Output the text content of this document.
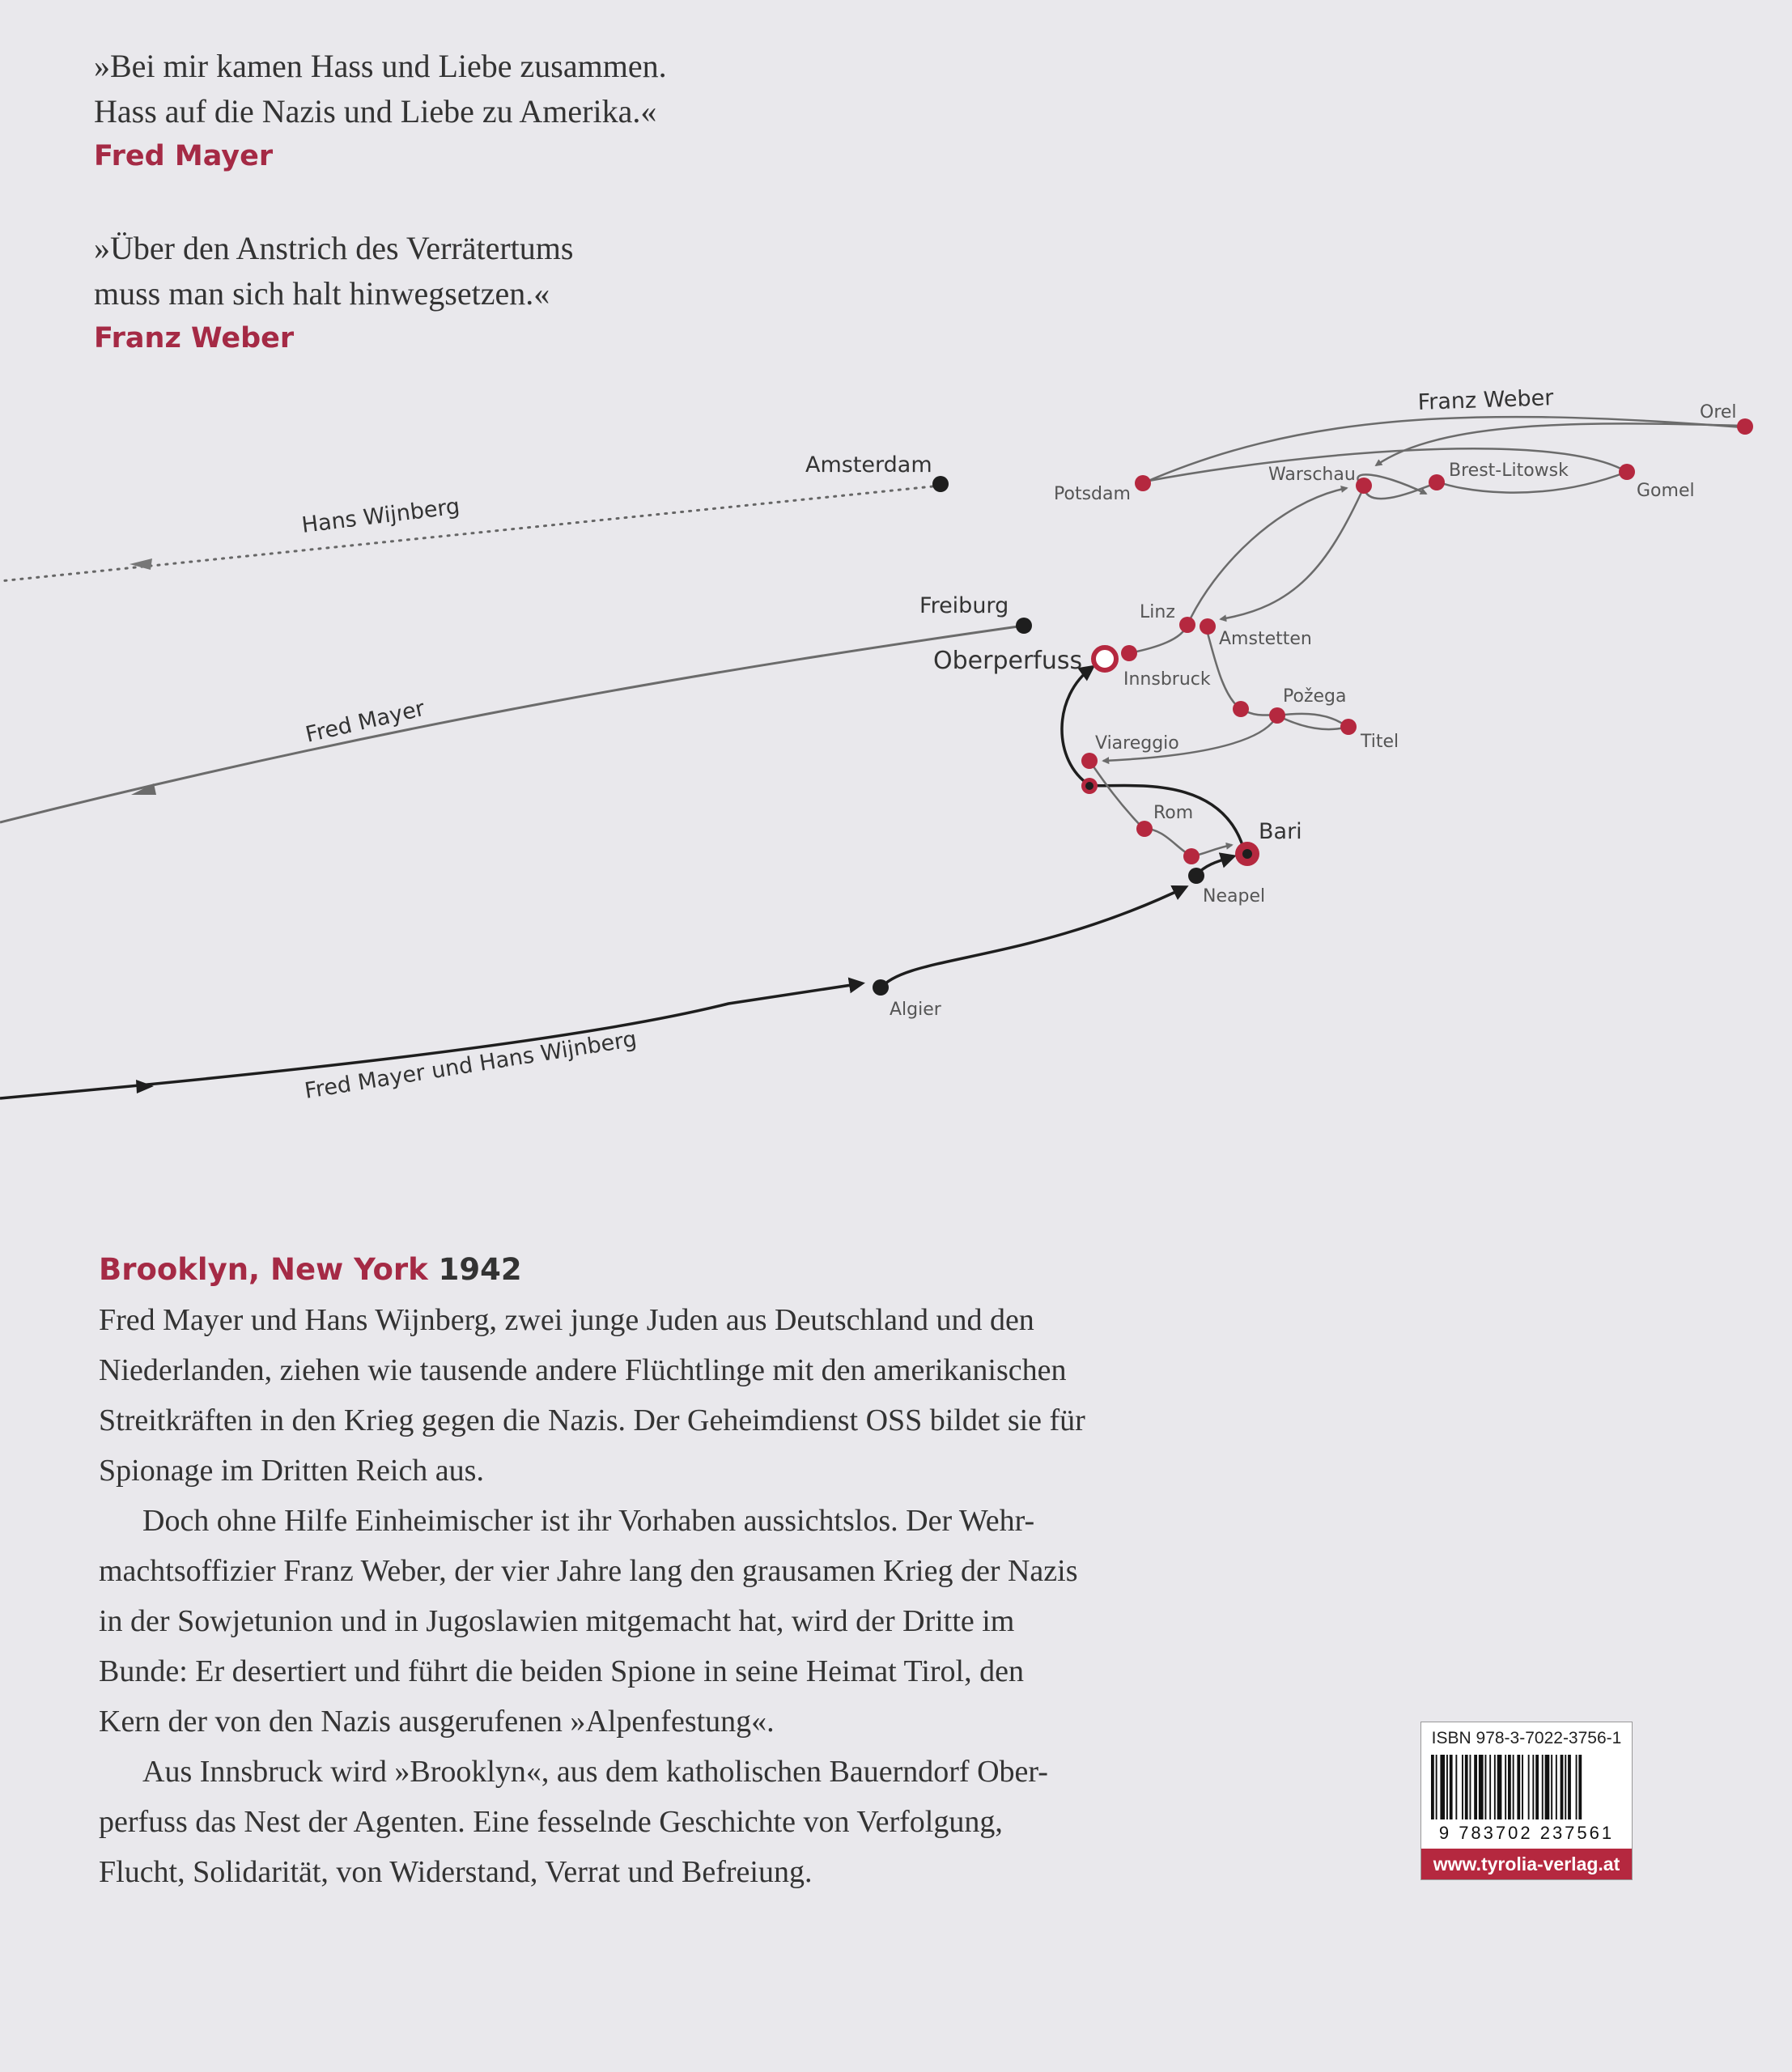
»Bei mir kamen Hass und Liebe zusammen.
Hass auf die Nazis und Liebe zu Amerika.«
Fred Mayer
»Über den Anstrich des Verrätertums
muss man sich halt hinwegsetzen.«
Franz Weber
Franz Weber
Hans Wijnberg
Fred Mayer
Fred Mayer und Hans Wijnberg
Amsterdam
Freiburg
Oberperfuss
Innsbruck
Linz
Amstetten
Potsdam
Warschau	Brest-Litowsk
Gomel
Orel
Požega
Titel
Viareggio
Rom
Bari
Neapel
Algier
Brooklyn, New York 1942
Fred Mayer und Hans Wijnberg, zwei junge Juden aus Deutschland und den
Niederlanden, ziehen wie tausende andere Flüchtlinge mit den amerikanischen
Streitkräften in den Krieg gegen die Nazis. Der Geheimdienst OSS bildet sie für
Spionage im Dritten Reich aus.
Doch ohne Hilfe Einheimischer ist ihr Vorhaben aussichtslos. Der Wehr-
machtsoffizier Franz Weber, der vier Jahre lang den grausamen Krieg der Nazis
in der Sowjetunion und in Jugoslawien mitgemacht hat, wird der Dritte im
Bunde: Er desertiert und führt die beiden Spione in seine Heimat Tirol, den
Kern der von den Nazis ausgerufenen »Alpenfestung«.
Aus Innsbruck wird »Brooklyn«, aus dem katholischen Bauerndorf Ober-
perfuss das Nest der Agenten. Eine fesselnde Geschichte von Verfolgung,
Flucht, Solidarität, von Widerstand, Verrat und Befreiung.
ISBN 978-3-7022-3756-1
9 783702 237561
www.tyrolia-verlag.at
